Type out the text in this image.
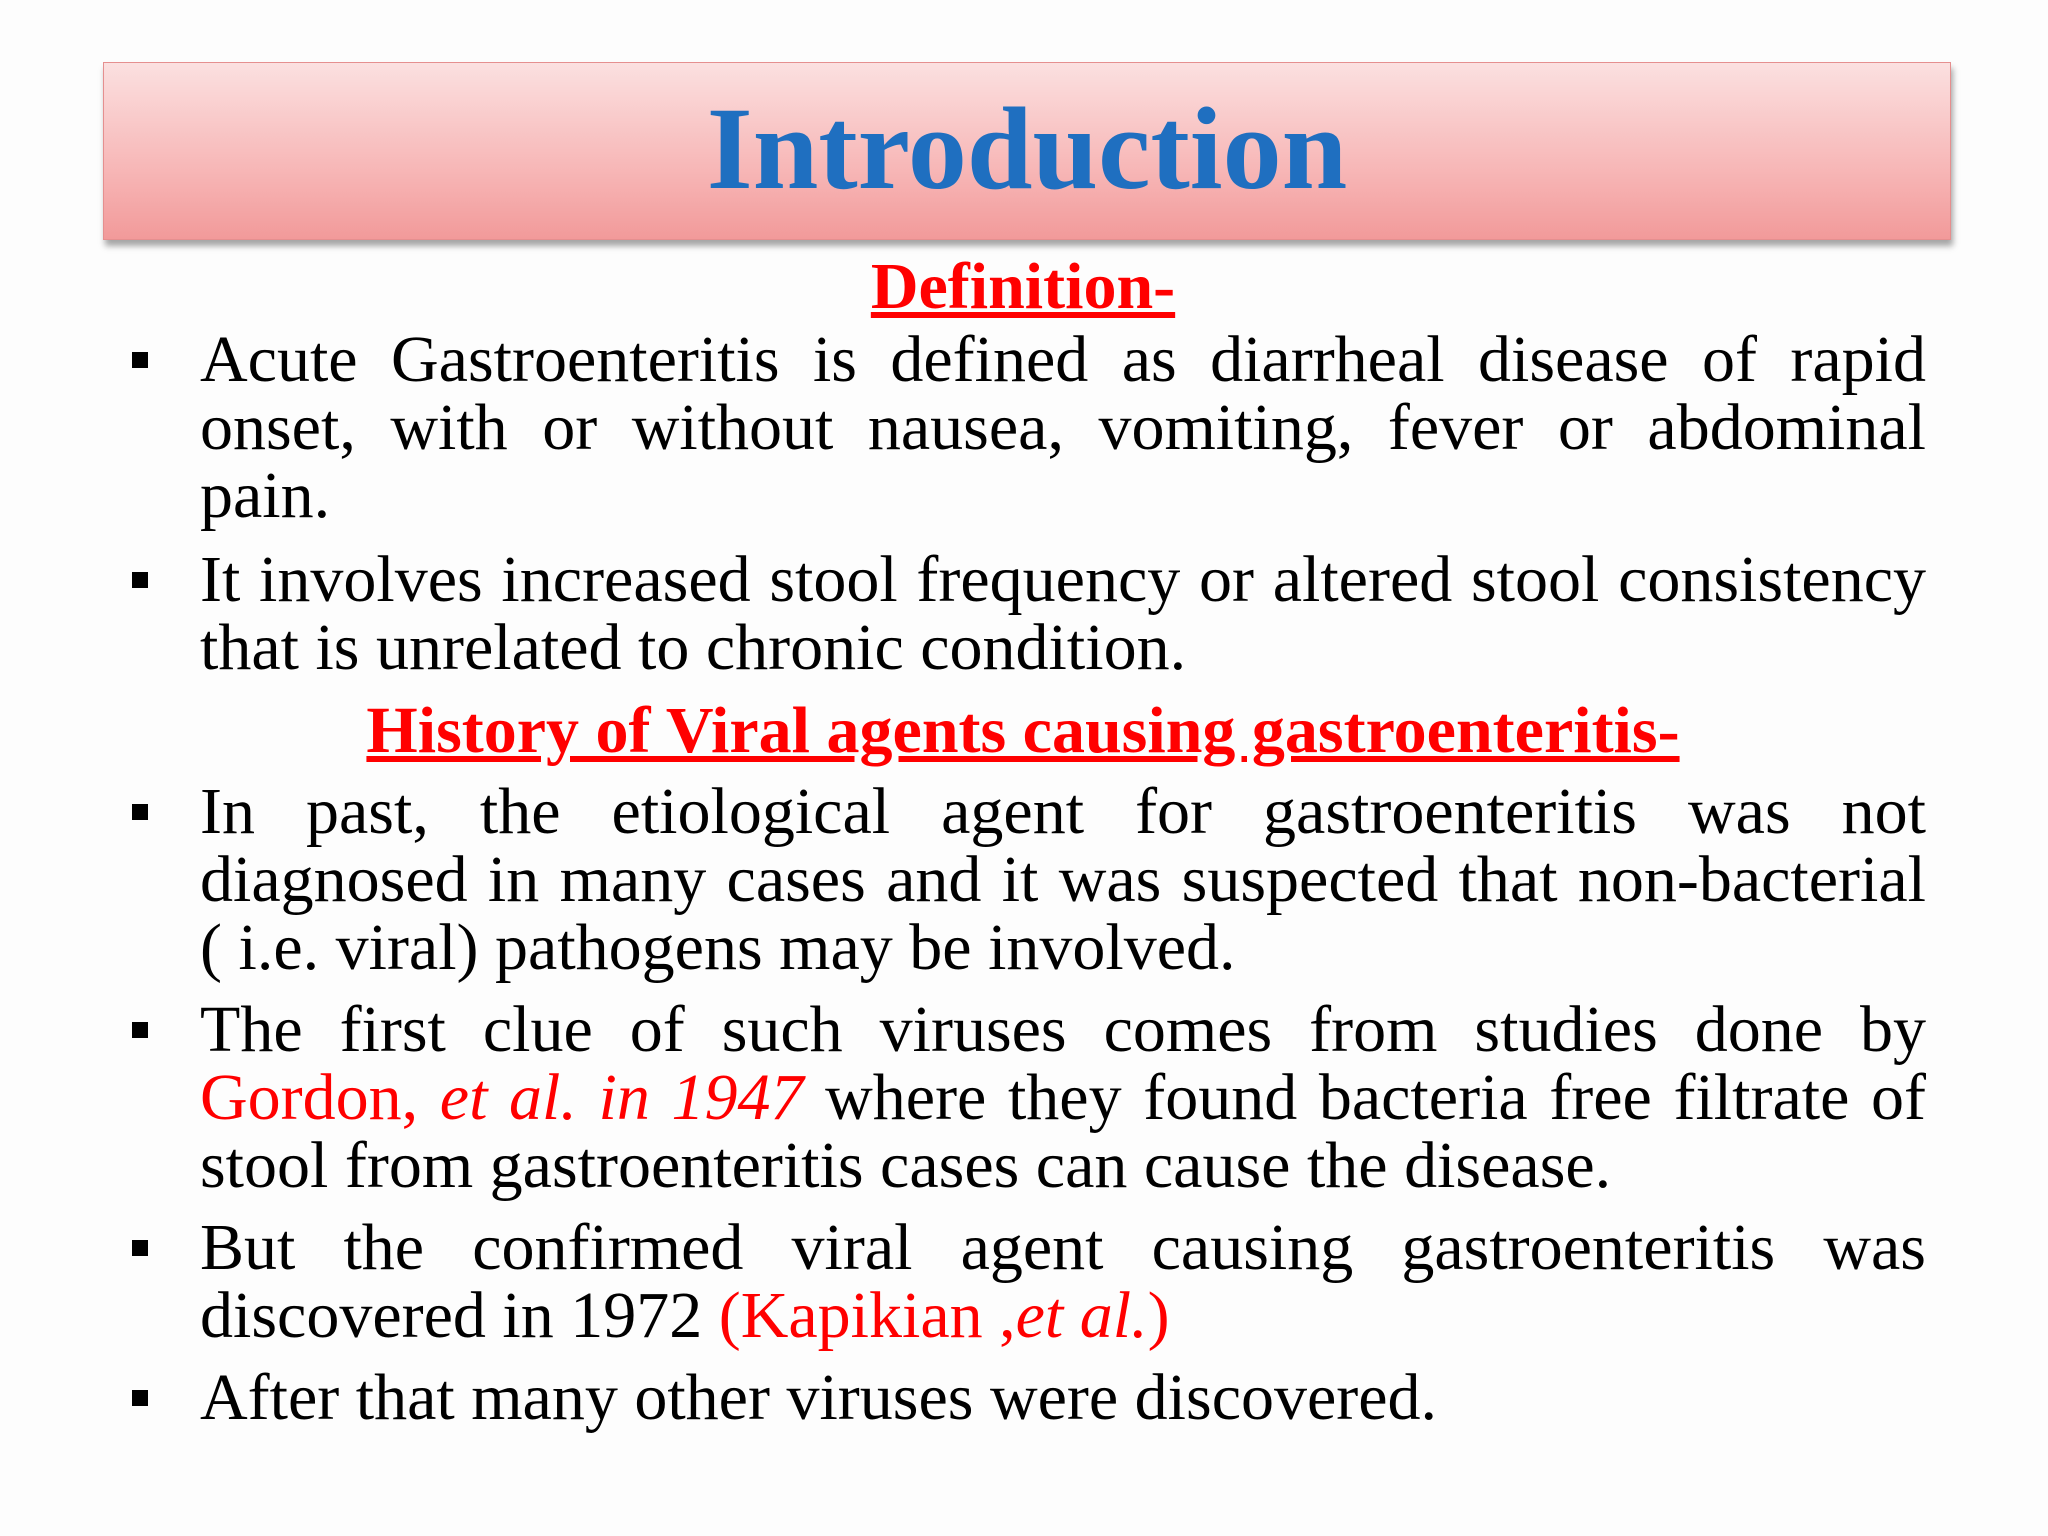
Introduction

Definition-

Acute Gastroenteritis is defined as diarrheal disease of rapid onset, with or without nausea, vomiting, fever or abdominal pain.
It involves increased stool frequency or altered stool consistency that is unrelated to chronic condition.

History of Viral agents causing gastroenteritis-

In past, the etiological agent for gastroenteritis was not diagnosed in many cases and it was suspected that non-bacterial ( i.e. viral) pathogens may be involved.
The first clue of such viruses comes from studies done by Gordon, et al. in 1947 where they found bacteria free filtrate of stool from gastroenteritis cases can cause the disease.
But the confirmed viral agent causing gastroenteritis was discovered in 1972 (Kapikian ,et al.)
After that many other viruses were discovered.
